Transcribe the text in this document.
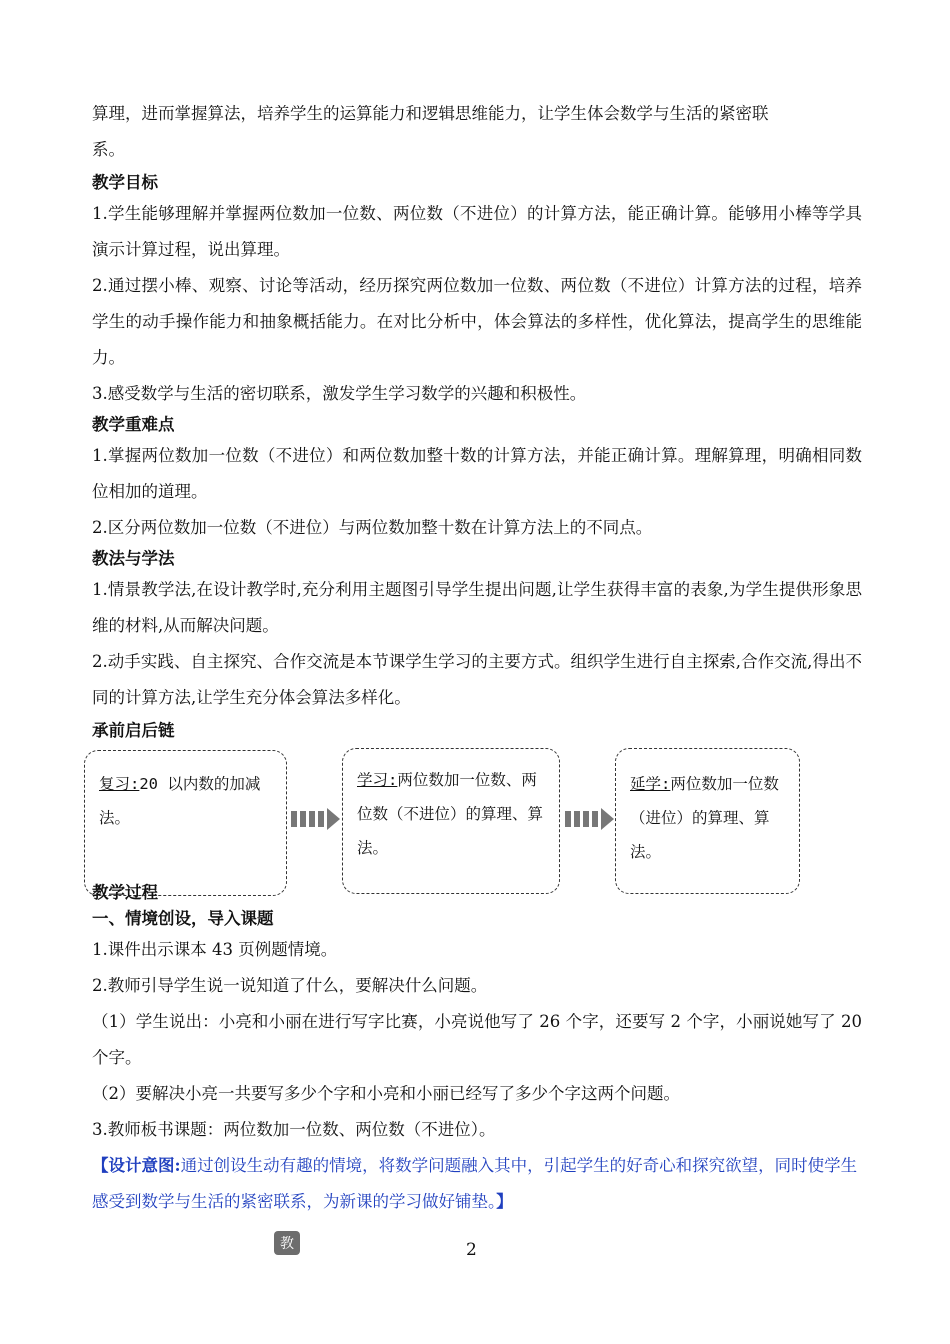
算理，进而掌握算法，培养学生的运算能力和逻辑思维能力，让学生体会数学与生活的紧密联

系。

教学目标

1.学生能够理解并掌握两位数加一位数、两位数（不进位）的计算方法，能正确计算。能够用小棒等学具演示计算过程，说出算理。

2.通过摆小棒、观察、讨论等活动，经历探究两位数加一位数、两位数（不进位）计算方法的过程，培养学生的动手操作能力和抽象概括能力。在对比分析中，体会算法的多样性，优化算法，提高学生的思维能力。

3.感受数学与生活的密切联系，激发学生学习数学的兴趣和积极性。

教学重难点

1.掌握两位数加一位数（不进位）和两位数加整十数的计算方法，并能正确计算。理解算理，明确相同数位相加的道理。

2.区分两位数加一位数（不进位）与两位数加整十数在计算方法上的不同点。

教法与学法

1.情景教学法,在设计教学时,充分利用主题图引导学生提出问题,让学生获得丰富的表象,为学生提供形象思维的材料,从而解决问题。

2.动手实践、自主探究、合作交流是本节课学生学习的主要方式。组织学生进行自主探索,合作交流,得出不同的计算方法,让学生充分体会算法多样化。

承前启后链

复习:20 以内数的加减法。
学习:两位数加一位数、两位数（不进位）的算理、算法。
延学:两位数加一位数（进位）的算理、算法。

教学过程

一、情境创设，导入课题

1.课件出示课本 43 页例题情境。

2.教师引导学生说一说知道了什么，要解决什么问题。

（1）学生说出：小亮和小丽在进行写字比赛，小亮说他写了 26 个字，还要写 2 个字，小丽说她写了 20 个字。

（2）要解决小亮一共要写多少个字和小亮和小丽已经写了多少个字这两个问题。

3.教师板书课题：两位数加一位数、两位数（不进位）。

【设计意图:通过创设生动有趣的情境，将数学问题融入其中，引起学生的好奇心和探究欲望，同时使学生感受到数学与生活的紧密联系，为新课的学习做好铺垫。】

教	2
